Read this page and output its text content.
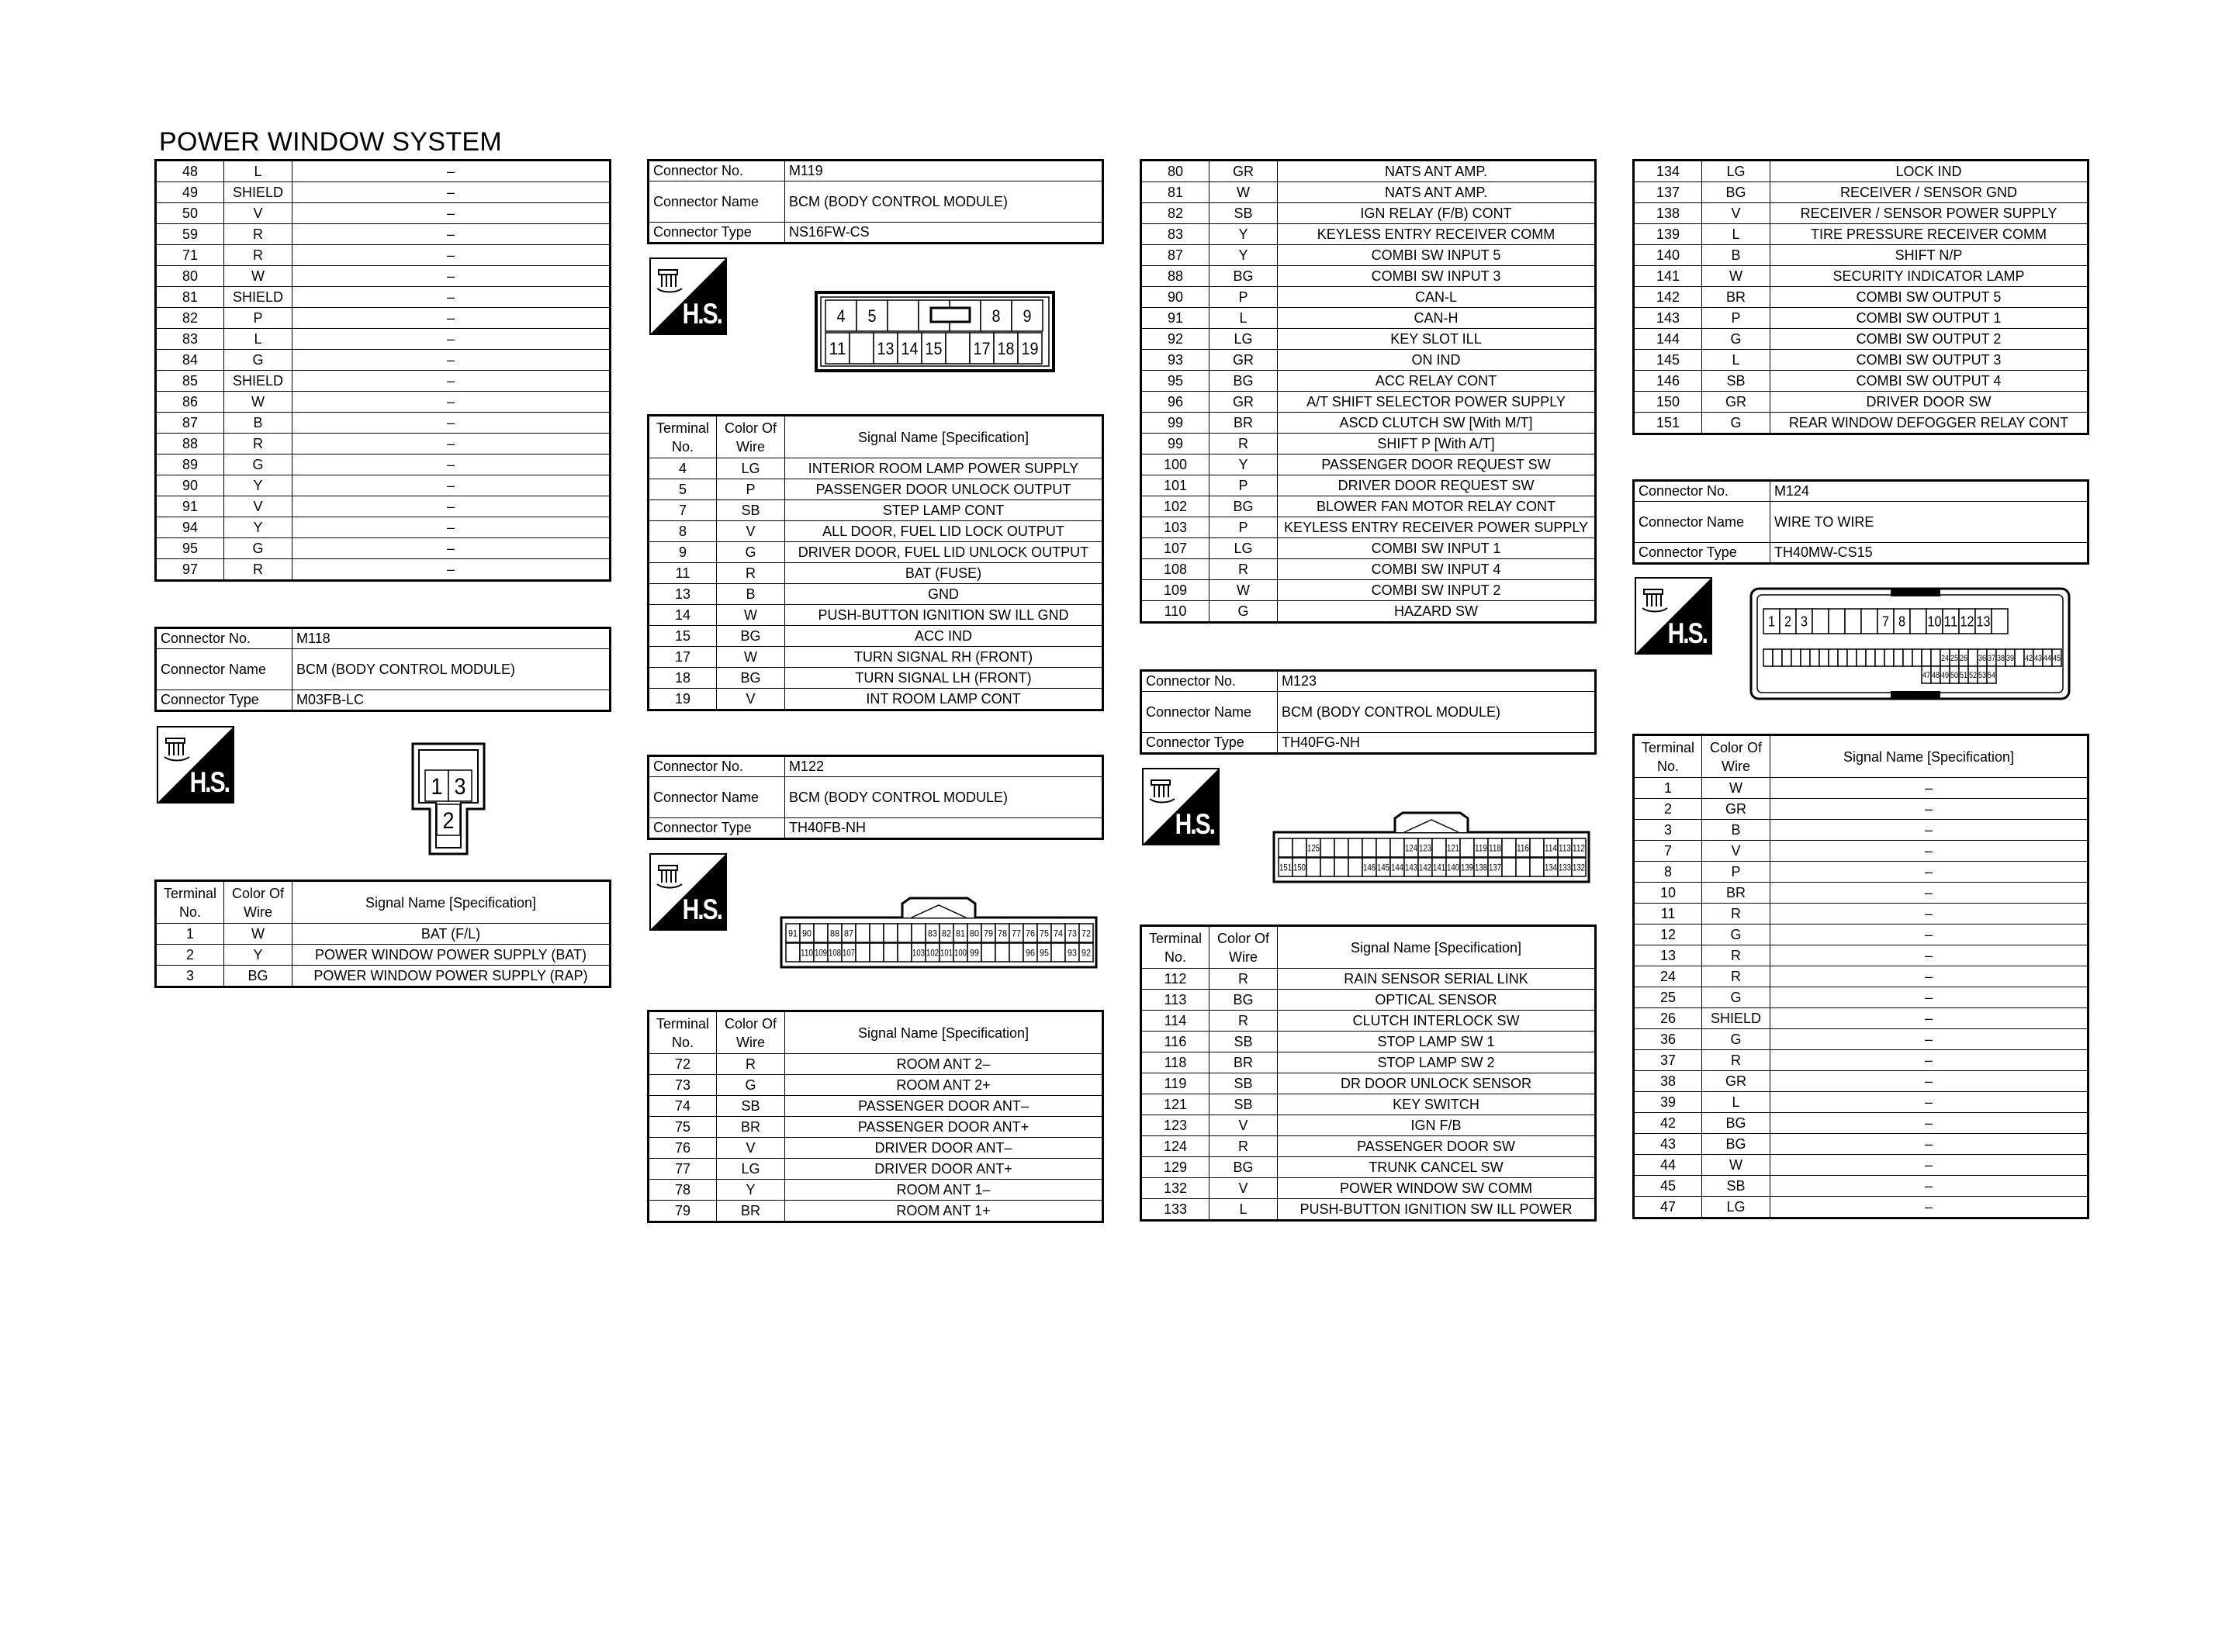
POWER WINDOW SYSTEM
48	L	–
49	SHIELD	–
50	V	–
59	R	–
71	R	–
80	W	–
81	SHIELD	–
82	P	–
83	L	–
84	G	–
85	SHIELD	–
86	W	–
87	B	–
88	R	–
89	G	–
90	Y	–
91	V	–
94	Y	–
95	G	–
97	R	–
Connector No.	M118
Connector Name	BCM (BODY CONTROL MODULE)
Connector Type	M03FB-LC
H.S.	1 3
2
Terminal No.	Color Of Wire	Signal Name [Specification]
1	W	BAT (F/L)
2	Y	POWER WINDOW POWER SUPPLY (BAT)
3	BG	POWER WINDOW POWER SUPPLY (RAP)
Connector No.	M119
Connector Name	BCM (BODY CONTROL MODULE)
Connector Type	NS16FW-CS
H.S.	4 5	8 9
11 13 14 15 17 18 19
Terminal No.	Color Of Wire	Signal Name [Specification]
4	LG	INTERIOR ROOM LAMP POWER SUPPLY
5	P	PASSENGER DOOR UNLOCK OUTPUT
7	SB	STEP LAMP CONT
8	V	ALL DOOR, FUEL LID LOCK OUTPUT
9	G	DRIVER DOOR, FUEL LID UNLOCK OUTPUT
11	R	BAT (FUSE)
13	B	GND
14	W	PUSH-BUTTON IGNITION SW ILL GND
15	BG	ACC IND
17	W	TURN SIGNAL RH (FRONT)
18	BG	TURN SIGNAL LH (FRONT)
19	V	INT ROOM LAMP CONT
Connector No.	M122
Connector Name	BCM (BODY CONTROL MODULE)
Connector Type	TH40FB-NH
H.S.
91 90 88 87	83 82 81 80 79 78 77 76 75 74 73 72
110 109 108 107	103 102 101 100 99	96 95 93 92
Terminal No.	Color Of Wire	Signal Name [Specification]
72	R	ROOM ANT 2–
73	G	ROOM ANT 2+
74	SB	PASSENGER DOOR ANT–
75	BR	PASSENGER DOOR ANT+
76	V	DRIVER DOOR ANT–
77	LG	DRIVER DOOR ANT+
78	Y	ROOM ANT 1–
79	BR	ROOM ANT 1+
80	GR	NATS ANT AMP.
81	W	NATS ANT AMP.
82	SB	IGN RELAY (F/B) CONT
83	Y	KEYLESS ENTRY RECEIVER COMM
87	Y	COMBI SW INPUT 5
88	BG	COMBI SW INPUT 3
90	P	CAN-L
91	L	CAN-H
92	LG	KEY SLOT ILL
93	GR	ON IND
95	BG	ACC RELAY CONT
96	GR	A/T SHIFT SELECTOR POWER SUPPLY
99	BR	ASCD CLUTCH SW [With M/T]
99	R	SHIFT P [With A/T]
100	Y	PASSENGER DOOR REQUEST SW
101	P	DRIVER DOOR REQUEST SW
102	BG	BLOWER FAN MOTOR RELAY CONT
103	P	KEYLESS ENTRY RECEIVER POWER SUPPLY
107	LG	COMBI SW INPUT 1
108	R	COMBI SW INPUT 4
109	W	COMBI SW INPUT 2
110	G	HAZARD SW
Connector No.	M123
Connector Name	BCM (BODY CONTROL MODULE)
Connector Type	TH40FG-NH
H.S.
125	124 123 121 119 118 116 114 113 112
151 150	146 145 144 143 142 141 140 139 138 137	134 133 132
Terminal No.	Color Of Wire	Signal Name [Specification]
112	R	RAIN SENSOR SERIAL LINK
113	BG	OPTICAL SENSOR
114	R	CLUTCH INTERLOCK SW
116	SB	STOP LAMP SW 1
118	BR	STOP LAMP SW 2
119	SB	DR DOOR UNLOCK SENSOR
121	SB	KEY SWITCH
123	V	IGN F/B
124	R	PASSENGER DOOR SW
129	BG	TRUNK CANCEL SW
132	V	POWER WINDOW SW COMM
133	L	PUSH-BUTTON IGNITION SW ILL POWER
134	LG	LOCK IND
137	BG	RECEIVER / SENSOR GND
138	V	RECEIVER / SENSOR POWER SUPPLY
139	L	TIRE PRESSURE RECEIVER COMM
140	B	SHIFT N/P
141	W	SECURITY INDICATOR LAMP
142	BR	COMBI SW OUTPUT 5
143	P	COMBI SW OUTPUT 1
144	G	COMBI SW OUTPUT 2
145	L	COMBI SW OUTPUT 3
146	SB	COMBI SW OUTPUT 4
150	GR	DRIVER DOOR SW
151	G	REAR WINDOW DEFOGGER RELAY CONT
Connector No.	M124
Connector Name	WIRE TO WIRE
Connector Type	TH40MW-CS15
H.S.	1 2 3	7 8 10 11 12 13
24 25 26 36 37 38 39 42 43 44 45
47 48 49 50 51 52 53 54
Terminal No.	Color Of Wire	Signal Name [Specification]
1	W	–
2	GR	–
3	B	–
7	V	–
8	P	–
10	BR	–
11	R	–
12	G	–
13	R	–
24	R	–
25	G	–
26	SHIELD	–
36	G	–
37	R	–
38	GR	–
39	L	–
42	BG	–
43	BG	–
44	W	–
45	SB	–
47	LG	–
